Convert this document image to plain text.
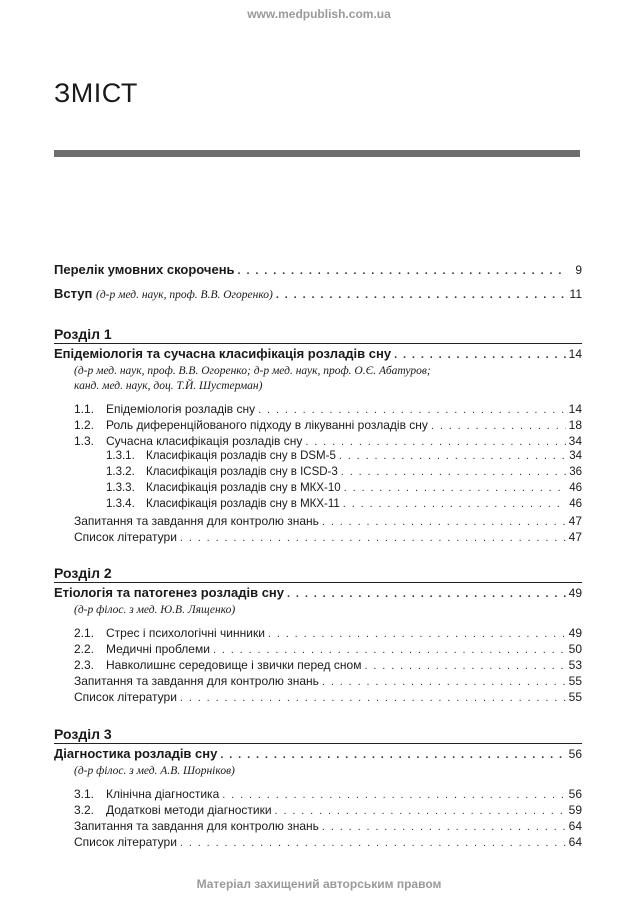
www.medpublish.com.ua
ЗМІСТ
Перелік умовних скорочень . . .	9
Вступ (д-р мед. наук, проф. В.В. Огоренко) . . .	11
Розділ 1
Епідеміологія та сучасна класифікація розладів сну . . .	14
(д-р мед. наук, проф. В.В. Огоренко; д-р мед. наук, проф. О.Є. Абатуров;
канд. мед. наук, доц. Т.Й. Шустерман)
1.1. Епідеміологія розладів сну . . .	14
1.2. Роль диференційованого підходу в лікуванні розладів сну . . .	18
1.3. Сучасна класифікація розладів сну . . .	34
1.3.1. Класифікація розладів сну в DSM-5 . . .	34
1.3.2. Класифікація розладів сну в ICSD-3 . . .	36
1.3.3. Класифікація розладів сну в МКХ-10 . . .	46
1.3.4. Класифікація розладів сну в МКХ-11 . . .	46
Запитання та завдання для контролю знань . . .	47
Список літератури . . .	47
Розділ 2
Етіологія та патогенез розладів сну . . .	49
(д-р філос. з мед. Ю.В. Лященко)
2.1. Стрес і психологічні чинники . . .	49
2.2. Медичні проблеми . . .	50
2.3. Навколишнє середовище і звички перед сном . . .	53
Запитання та завдання для контролю знань . . .	55
Список літератури . . .	55
Розділ 3
Діагностика розладів сну . . .	56
(д-р філос. з мед. А.В. Шорніков)
3.1. Клінічна діагностика . . .	56
3.2. Додаткові методи діагностики . . .	59
Запитання та завдання для контролю знань . . .	64
Список літератури . . .	64
Матеріал захищений авторським правом
